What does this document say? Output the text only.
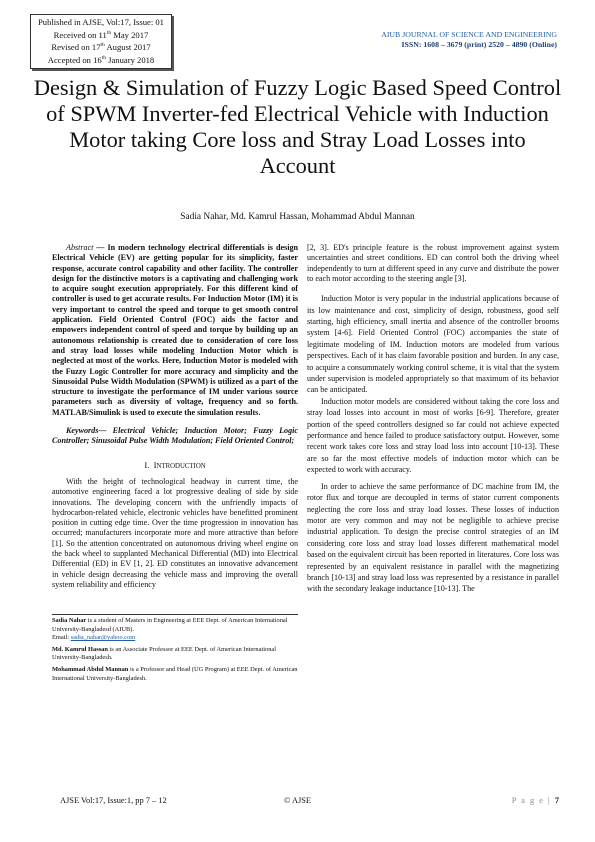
Published in AJSE, Vol:17, Issue: 01
Received on 11th May 2017
Revised on 17th August 2017
Accepted on 16th January 2018
AIUB JOURNAL OF SCIENCE AND ENGINEERING
ISSN: 1608 – 3679 (print) 2520 – 4890 (Online)
Design & Simulation of Fuzzy Logic Based Speed Control of SPWM Inverter-fed Electrical Vehicle with Induction Motor taking Core loss and Stray Load Losses into Account
Sadia Nahar, Md. Kamrul Hassan, Mohammad Abdul Mannan

Abstract — In modern technology electrical differentials is design Electrical Vehicle (EV) are getting popular for its simplicity, faster response, accurate control capability and other facility. The controller design for the distinctive motors is a captivating and challenging work to acquire sought execution appropriately. For this different kind of controller is used to get accurate results. For Induction Motor (IM) it is very important to control the speed and torque to get smooth control application. Field Oriented Control (FOC) aids the factor and empowers independent control of speed and torque by building up an autonomous relationship is created due to consideration of core loss and stray load losses while modeling Induction Motor which is neglected at most of the works. Here, Induction Motor is modeled with the Fuzzy Logic Controller for more accuracy and simplicity and the Sinusoidal Pulse Width Modulation (SPWM) is utilized as a part of the structure to investigate the performance of IM under various source parameters such as diversity of voltage, frequency and so forth. MATLAB/Simulink is used to execute the simulation results.

Keywords— Electrical Vehicle; Induction Motor; Fuzzy Logic Controller; Sinusoidal Pulse Width Modulation; Field Oriented Control;

I. INTRODUCTION

With the height of technological headway in current time, the automotive engineering faced a lot progressive dealing of side by side innovations. The developing concern with the unfriendly impacts of hydrocarbon-related vehicle, electronic vehicles have benefitted prominent position in cutting edge time. Over the time progression in innovation has occurred; manufacturers incorporate more and more attractive than before [1]. So the attention concentrated on autonomous driving wheel engine on the back wheel to supplanted Mechanical Differential (MD) into Electrical Differential (ED) in EV [1, 2]. ED constitutes an innovative advancement in vehicle design decreasing the vehicle mass and improving the overall system reliability and efficiency

[2, 3]. ED's principle feature is the robust improvement against system uncertainties and street conditions. ED can control both the driving wheel independently to turn at different speed in any curve and distribute the power to each motor according to the steering angle [3].

Induction Motor is very popular in the industrial applications because of its low maintenance and cost, simplicity of design, robustness, good self starting, high efficiency, small inertia and absence of the controller brooms system [4-6]. Field Oriented Control (FOC) accompanies the state of legitimate modeling of IM. Induction motors are modeled from various perspectives. Each of it has claim favorable position and burden. In any case, to acquire a consummately working control scheme, it is vital that the system under supervision is modeled appropriately so that maximum of its behavior can be anticipated.

Induction motor models are considered without taking the core loss and stray load losses into account in most of works [6-9]. Therefore, greater portion of the speed controllers designed so far could not achieve expected performance and hence failed to produce satisfactory output. However, some recent work takes core loss and stray load loss into account [10-13]. These are so far the most effective models of induction motor which can be expected to work with accuracy.

In order to achieve the same performance of DC machine from IM, the rotor flux and torque are decoupled in terms of stator current components neglecting the core loss and stray load losses. These losses of induction motor are very common and may not be negligible to achieve precise industrial application. To design the precise control strategies of an IM considering core loss and stray load losses different mathematical model based on the equivalent circuit has been reported in literatures. Core loss was represented by an equivalent resistance in parallel with the magnetizing branch [10-13] and stray load loss was represented by a resistance in parallel with the secondary leakage inductance [10-13]. The

Sadia Nahar is a student of Masters in Engineering at EEE Dept. of American International University-Bangladesd (AIUB).

Email: sadia_nahar@yahoo.com

Md. Kamrul Hassan is an Associate Professor at EEE Dept. of American International University-Bangladesh.

Mohammad Abdul Mannan is a Professor and Head (UG Program) at EEE Dept. of American International University-Bangladesh.

AJSE Vol:17, Issue:1, pp 7 – 12	© AJSE	P a g e | 7
